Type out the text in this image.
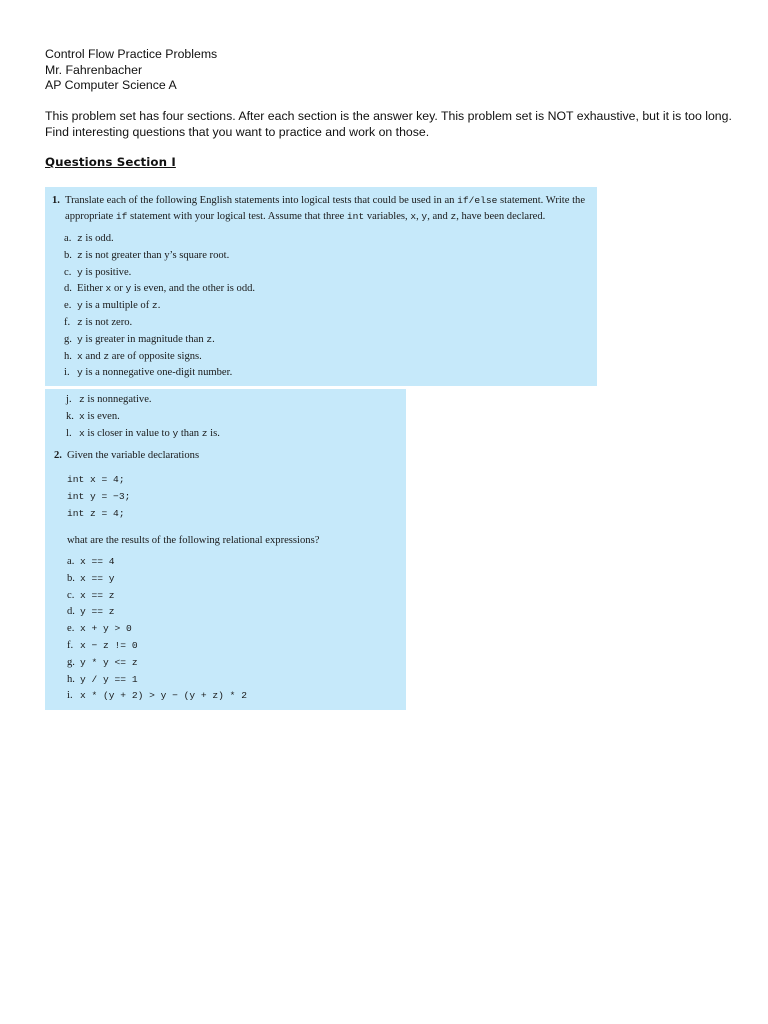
Control Flow Practice Problems
Mr. Fahrenbacher
AP Computer Science A
This problem set has four sections. After each section is the answer key. This problem set is NOT exhaustive, but it is too long. Find interesting questions that you want to practice and work on those.
Questions Section I
1. Translate each of the following English statements into logical tests that could be used in an if/else statement. Write the appropriate if statement with your logical test. Assume that three int variables, x, y, and z, have been declared.
a. z is odd.
b. z is not greater than y’s square root.
c. y is positive.
d. Either x or y is even, and the other is odd.
e. y is a multiple of z.
f. z is not zero.
g. y is greater in magnitude than z.
h. x and z are of opposite signs.
i. y is a nonnegative one-digit number.
j. z is nonnegative.
k. x is even.
l. x is closer in value to y than z is.
2. Given the variable declarations
int x = 4;
int y = −3;
int z = 4;
what are the results of the following relational expressions?
a. x == 4
b. x == y
c. x == z
d. y == z
e. x + y > 0
f. x − z != 0
g. y * y <= z
h. y / y == 1
i. x * (y + 2) > y − (y + z) * 2
